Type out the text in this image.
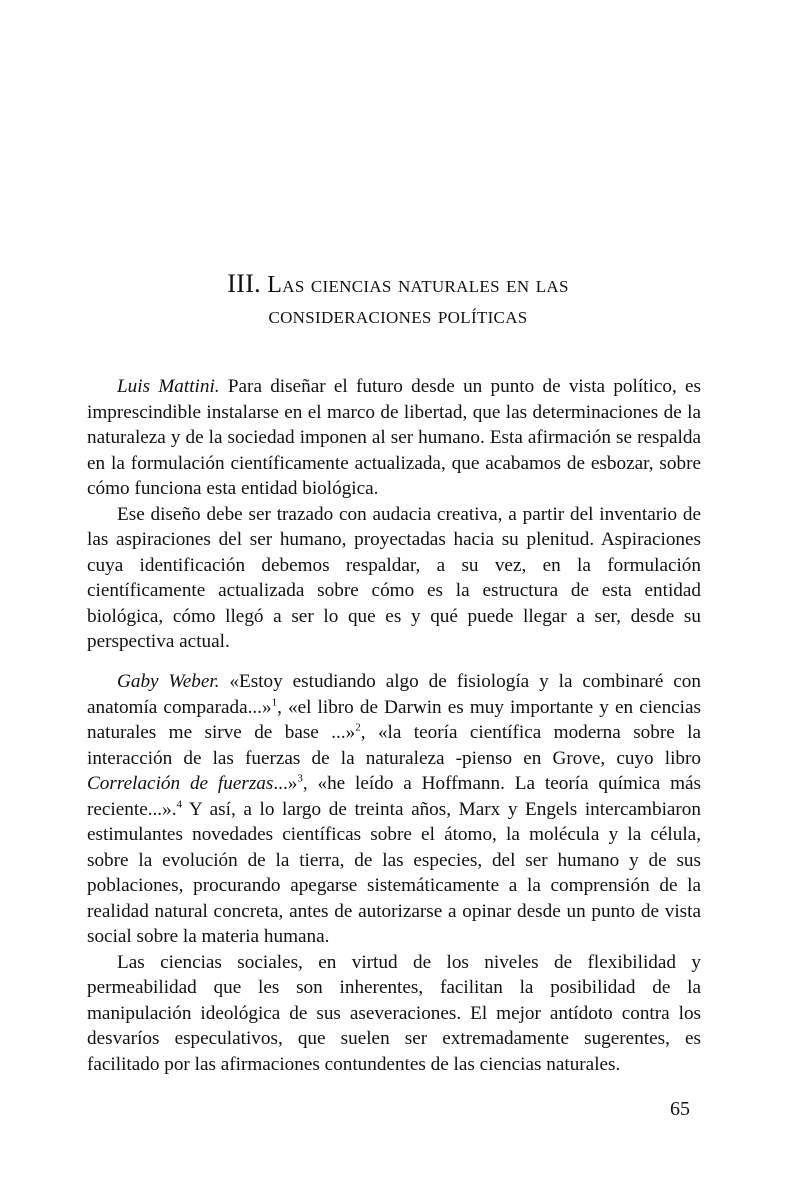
III. Las ciencias naturales en las
consideraciones políticas

Luis Mattini. Para diseñar el futuro desde un punto de vista político, es imprescindible instalarse en el marco de libertad, que las determinaciones de la naturaleza y de la sociedad imponen al ser humano. Esta afirmación se respalda en la formulación científicamente actualizada, que acabamos de esbozar, sobre cómo funciona esta entidad biológica.

Ese diseño debe ser trazado con audacia creativa, a partir del inventario de las aspiraciones del ser humano, proyectadas hacia su plenitud. Aspiraciones cuya identificación debemos respaldar, a su vez, en la formulación científicamente actualizada sobre cómo es la estructura de esta entidad biológica, cómo llegó a ser lo que es y qué puede llegar a ser, desde su perspectiva actual.

Gaby Weber. «Estoy estudiando algo de fisiología y la combinaré con anatomía comparada...»$^1$, «el libro de Darwin es muy importante y en ciencias naturales me sirve de base ...»$^2$, «la teoría científica moderna sobre la interacción de las fuerzas de la naturaleza -pienso en Grove, cuyo libro Correlación de fuerzas...»$^3$, «he leído a Hoffmann. La teoría química más reciente...».$^4$ Y así, a lo largo de treinta años, Marx y Engels intercambiaron estimulantes novedades científicas sobre el átomo, la molécula y la célula, sobre la evolución de la tierra, de las especies, del ser humano y de sus poblaciones, procurando apegarse sistemáticamente a la comprensión de la realidad natural concreta, antes de autorizarse a opinar desde un punto de vista social sobre la materia humana.

Las ciencias sociales, en virtud de los niveles de flexibilidad y permeabilidad que les son inherentes, facilitan la posibilidad de la manipulación ideológica de sus aseveraciones. El mejor antídoto contra los desvaríos especulativos, que suelen ser extremadamente sugerentes, es facilitado por las afirmaciones contundentes de las ciencias naturales.

65
